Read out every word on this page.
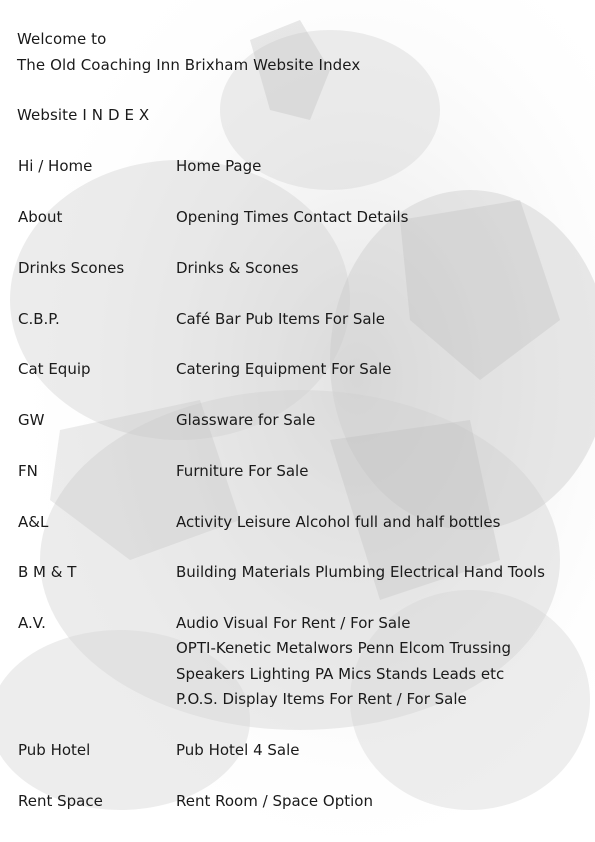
Welcome to
The Old Coaching Inn Brixham Website Index
Website I N D E X
Hi / Home	Home Page
About	Opening Times Contact Details
Drinks Scones	Drinks & Scones
C.B.P.	Café Bar Pub Items For Sale
Cat Equip	Catering Equipment For Sale
GW	Glassware for Sale
FN	Furniture For Sale
A&L	Activity Leisure Alcohol full and half bottles
B M & T	Building Materials Plumbing Electrical Hand Tools
A.V.	Audio Visual For Rent / For Sale
OPTI-Kenetic Metalwors Penn Elcom Trussing
Speakers Lighting PA Mics Stands Leads etc
P.O.S. Display Items For Rent / For Sale
Pub Hotel	Pub Hotel 4 Sale
Rent Space	Rent Room / Space Option
